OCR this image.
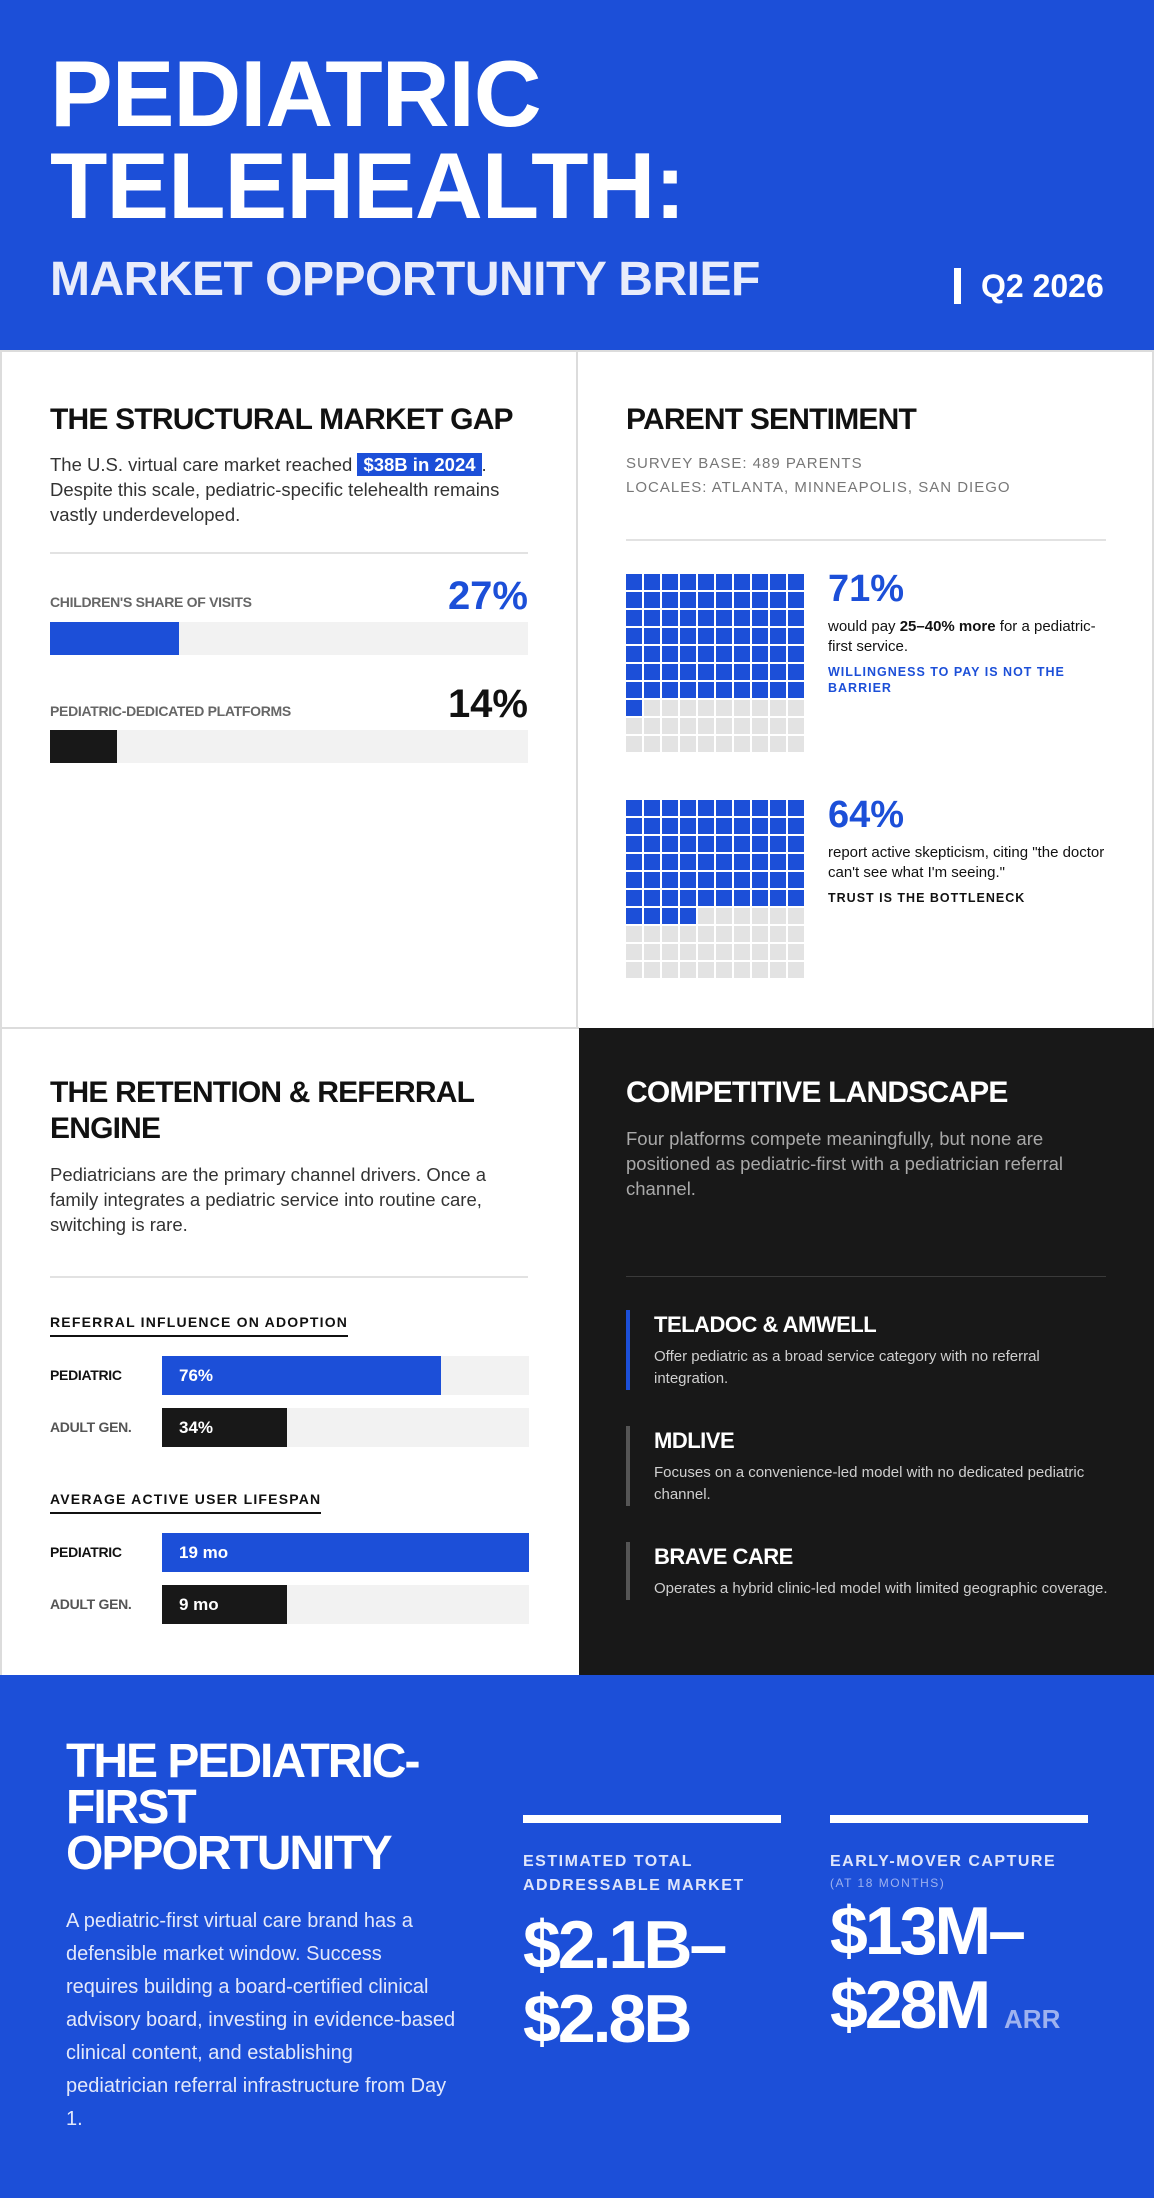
PEDIATRIC
TELEHEALTH:
MARKET OPPORTUNITY BRIEF	Q2 2026
THE STRUCTURAL MARKET GAP
The U.S. virtual care market reached $38B in 2024 . Despite this scale, pediatric-specific telehealth remains vastly underdeveloped.
CHILDREN'S SHARE OF VISITS	27%
PEDIATRIC-DEDICATED PLATFORMS	14%
PARENT SENTIMENT
SURVEY BASE: 489 PARENTS
LOCALES: ATLANTA, MINNEAPOLIS, SAN DIEGO
71%
would pay 25–40% more for a pediatric-first service.
WILLINGNESS TO PAY IS NOT THE BARRIER
64%
report active skepticism, citing "the doctor can't see what I'm seeing."
TRUST IS THE BOTTLENECK
THE RETENTION & REFERRAL ENGINE
Pediatricians are the primary channel drivers. Once a family integrates a pediatric service into routine care, switching is rare.
REFERRAL INFLUENCE ON ADOPTION
PEDIATRIC	76%
ADULT GEN.	34%
AVERAGE ACTIVE USER LIFESPAN
PEDIATRIC	19 mo
ADULT GEN.	9 mo
COMPETITIVE LANDSCAPE
Four platforms compete meaningfully, but none are positioned as pediatric-first with a pediatrician referral channel.
TELADOC & AMWELL
Offer pediatric as a broad service category with no referral integration.
MDLIVE
Focuses on a convenience-led model with no dedicated pediatric channel.
BRAVE CARE
Operates a hybrid clinic-led model with limited geographic coverage.
THE PEDIATRIC-FIRST OPPORTUNITY
A pediatric-first virtual care brand has a defensible market window. Success requires building a board-certified clinical advisory board, investing in evidence-based clinical content, and establishing pediatrician referral infrastructure from Day 1.
ESTIMATED TOTAL ADDRESSABLE MARKET
$2.1B–
$2.8B
EARLY-MOVER CAPTURE
(AT 18 MONTHS)
$13M–
$28M ARR
